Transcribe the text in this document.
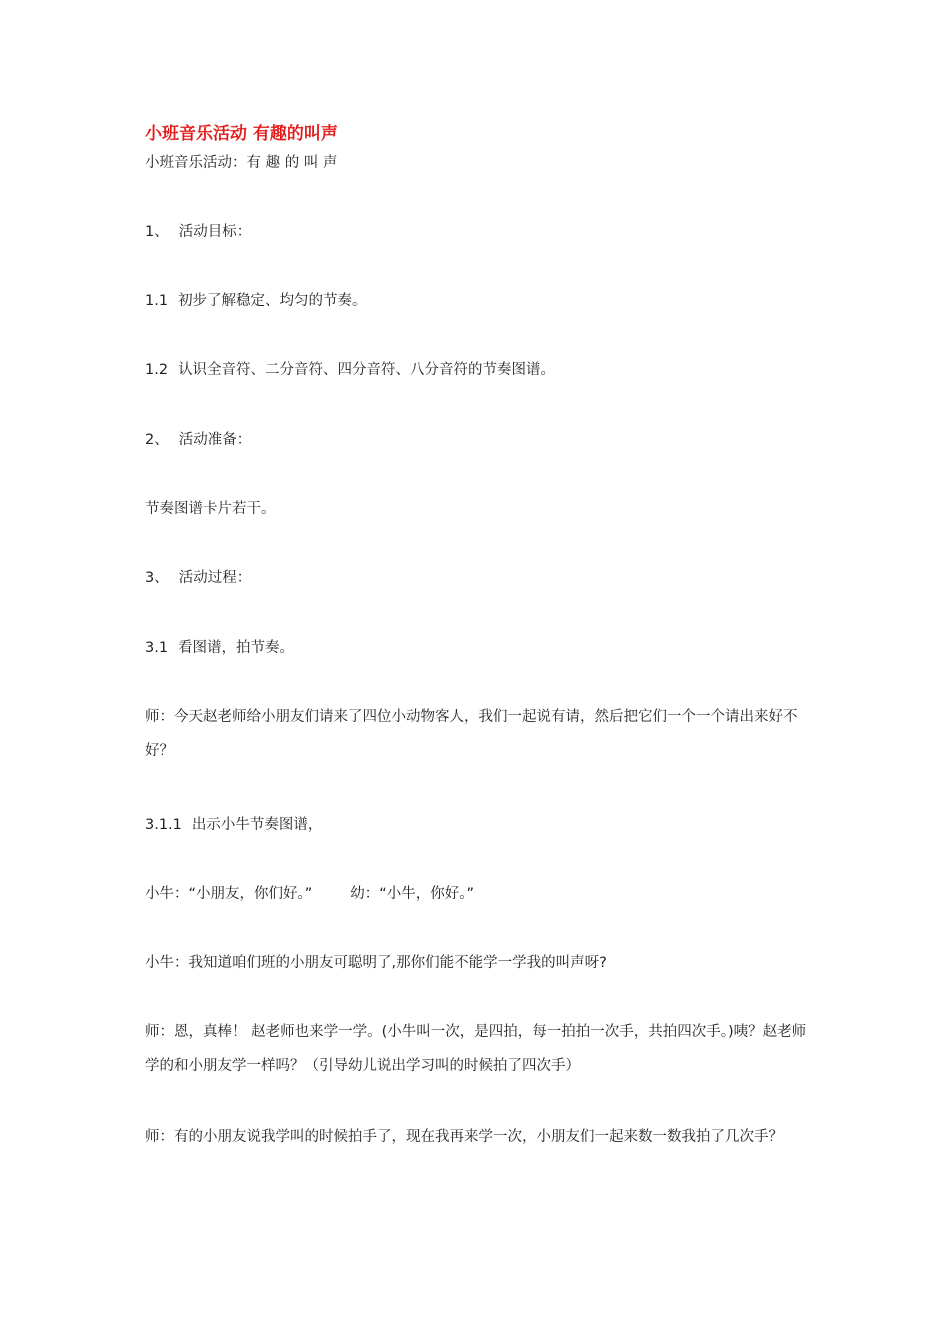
小班音乐活动 有趣的叫声

小班音乐活动：有 趣 的 叫 声

1、 活动目标：

1.1 初步了解稳定、均匀的节奏。

1.2 认识全音符、二分音符、四分音符、八分音符的节奏图谱。

2、 活动准备：

节奏图谱卡片若干。

3、 活动过程：

3.1 看图谱，拍节奏。

师：今天赵老师给小朋友们请来了四位小动物客人，我们一起说有请，然后把它们一个一个请出来好不好？

3.1.1 出示小牛节奏图谱，

小牛：“小朋友，你们好。”	幼：“小牛，你好。”

小牛：我知道咱们班的小朋友可聪明了,那你们能不能学一学我的叫声呀?

师：恩，真棒！ 赵老师也来学一学。(小牛叫一次，是四拍，每一拍拍一次手，共拍四次手。)咦？赵老师学的和小朋友学一样吗？（引导幼儿说出学习叫的时候拍了四次手）

师：有的小朋友说我学叫的时候拍手了，现在我再来学一次，小朋友们一起来数一数我拍了几次手？
